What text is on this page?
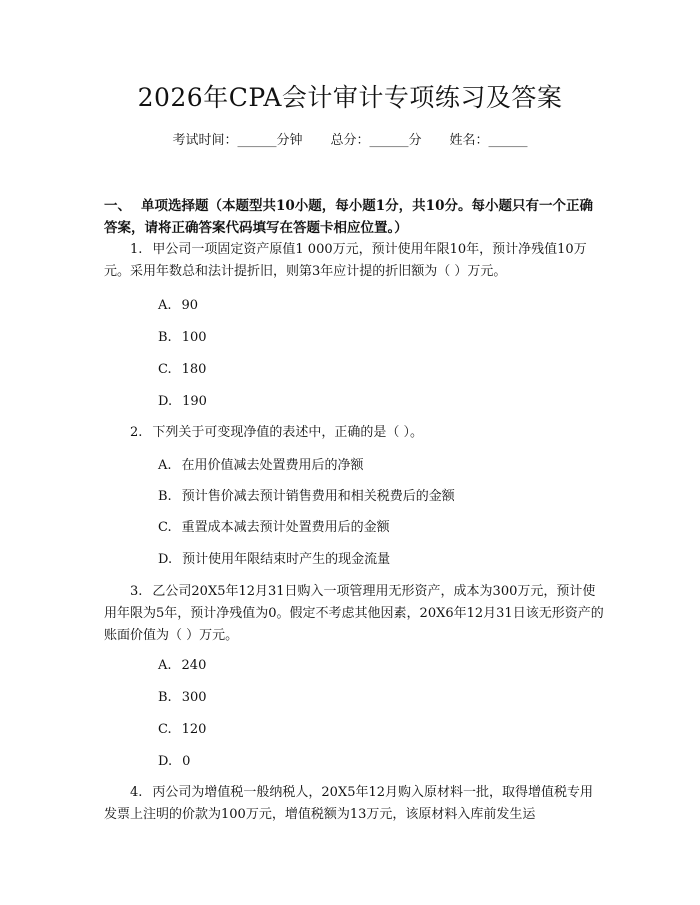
2026年CPA会计审计专项练习及答案
考试时间：______分钟 总分：______分 姓名：______
一、 单项选择题（本题型共10小题，每小题1分，共10分。每小题只有一个正确答案，请将正确答案代码填写在答题卡相应位置。）
1. 甲公司一项固定资产原值1 000万元，预计使用年限10年，预计净残值10万元。采用年数总和法计提折旧，则第3年应计提的折旧额为（ ）万元。
A. 90
B. 100
C. 180
D. 190
2. 下列关于可变现净值的表述中，正确的是（ ）。
A. 在用价值减去处置费用后的净额
B. 预计售价减去预计销售费用和相关税费后的金额
C. 重置成本减去预计处置费用后的金额
D. 预计使用年限结束时产生的现金流量
3. 乙公司20X5年12月31日购入一项管理用无形资产，成本为300万元，预计使用年限为5年，预计净残值为0。假定不考虑其他因素，20X6年12月31日该无形资产的账面价值为（ ）万元。
A. 240
B. 300
C. 120
D. 0
4. 丙公司为增值税一般纳税人，20X5年12月购入原材料一批，取得增值税专用发票上注明的价款为100万元，增值税额为13万元，该原材料入库前发生运
